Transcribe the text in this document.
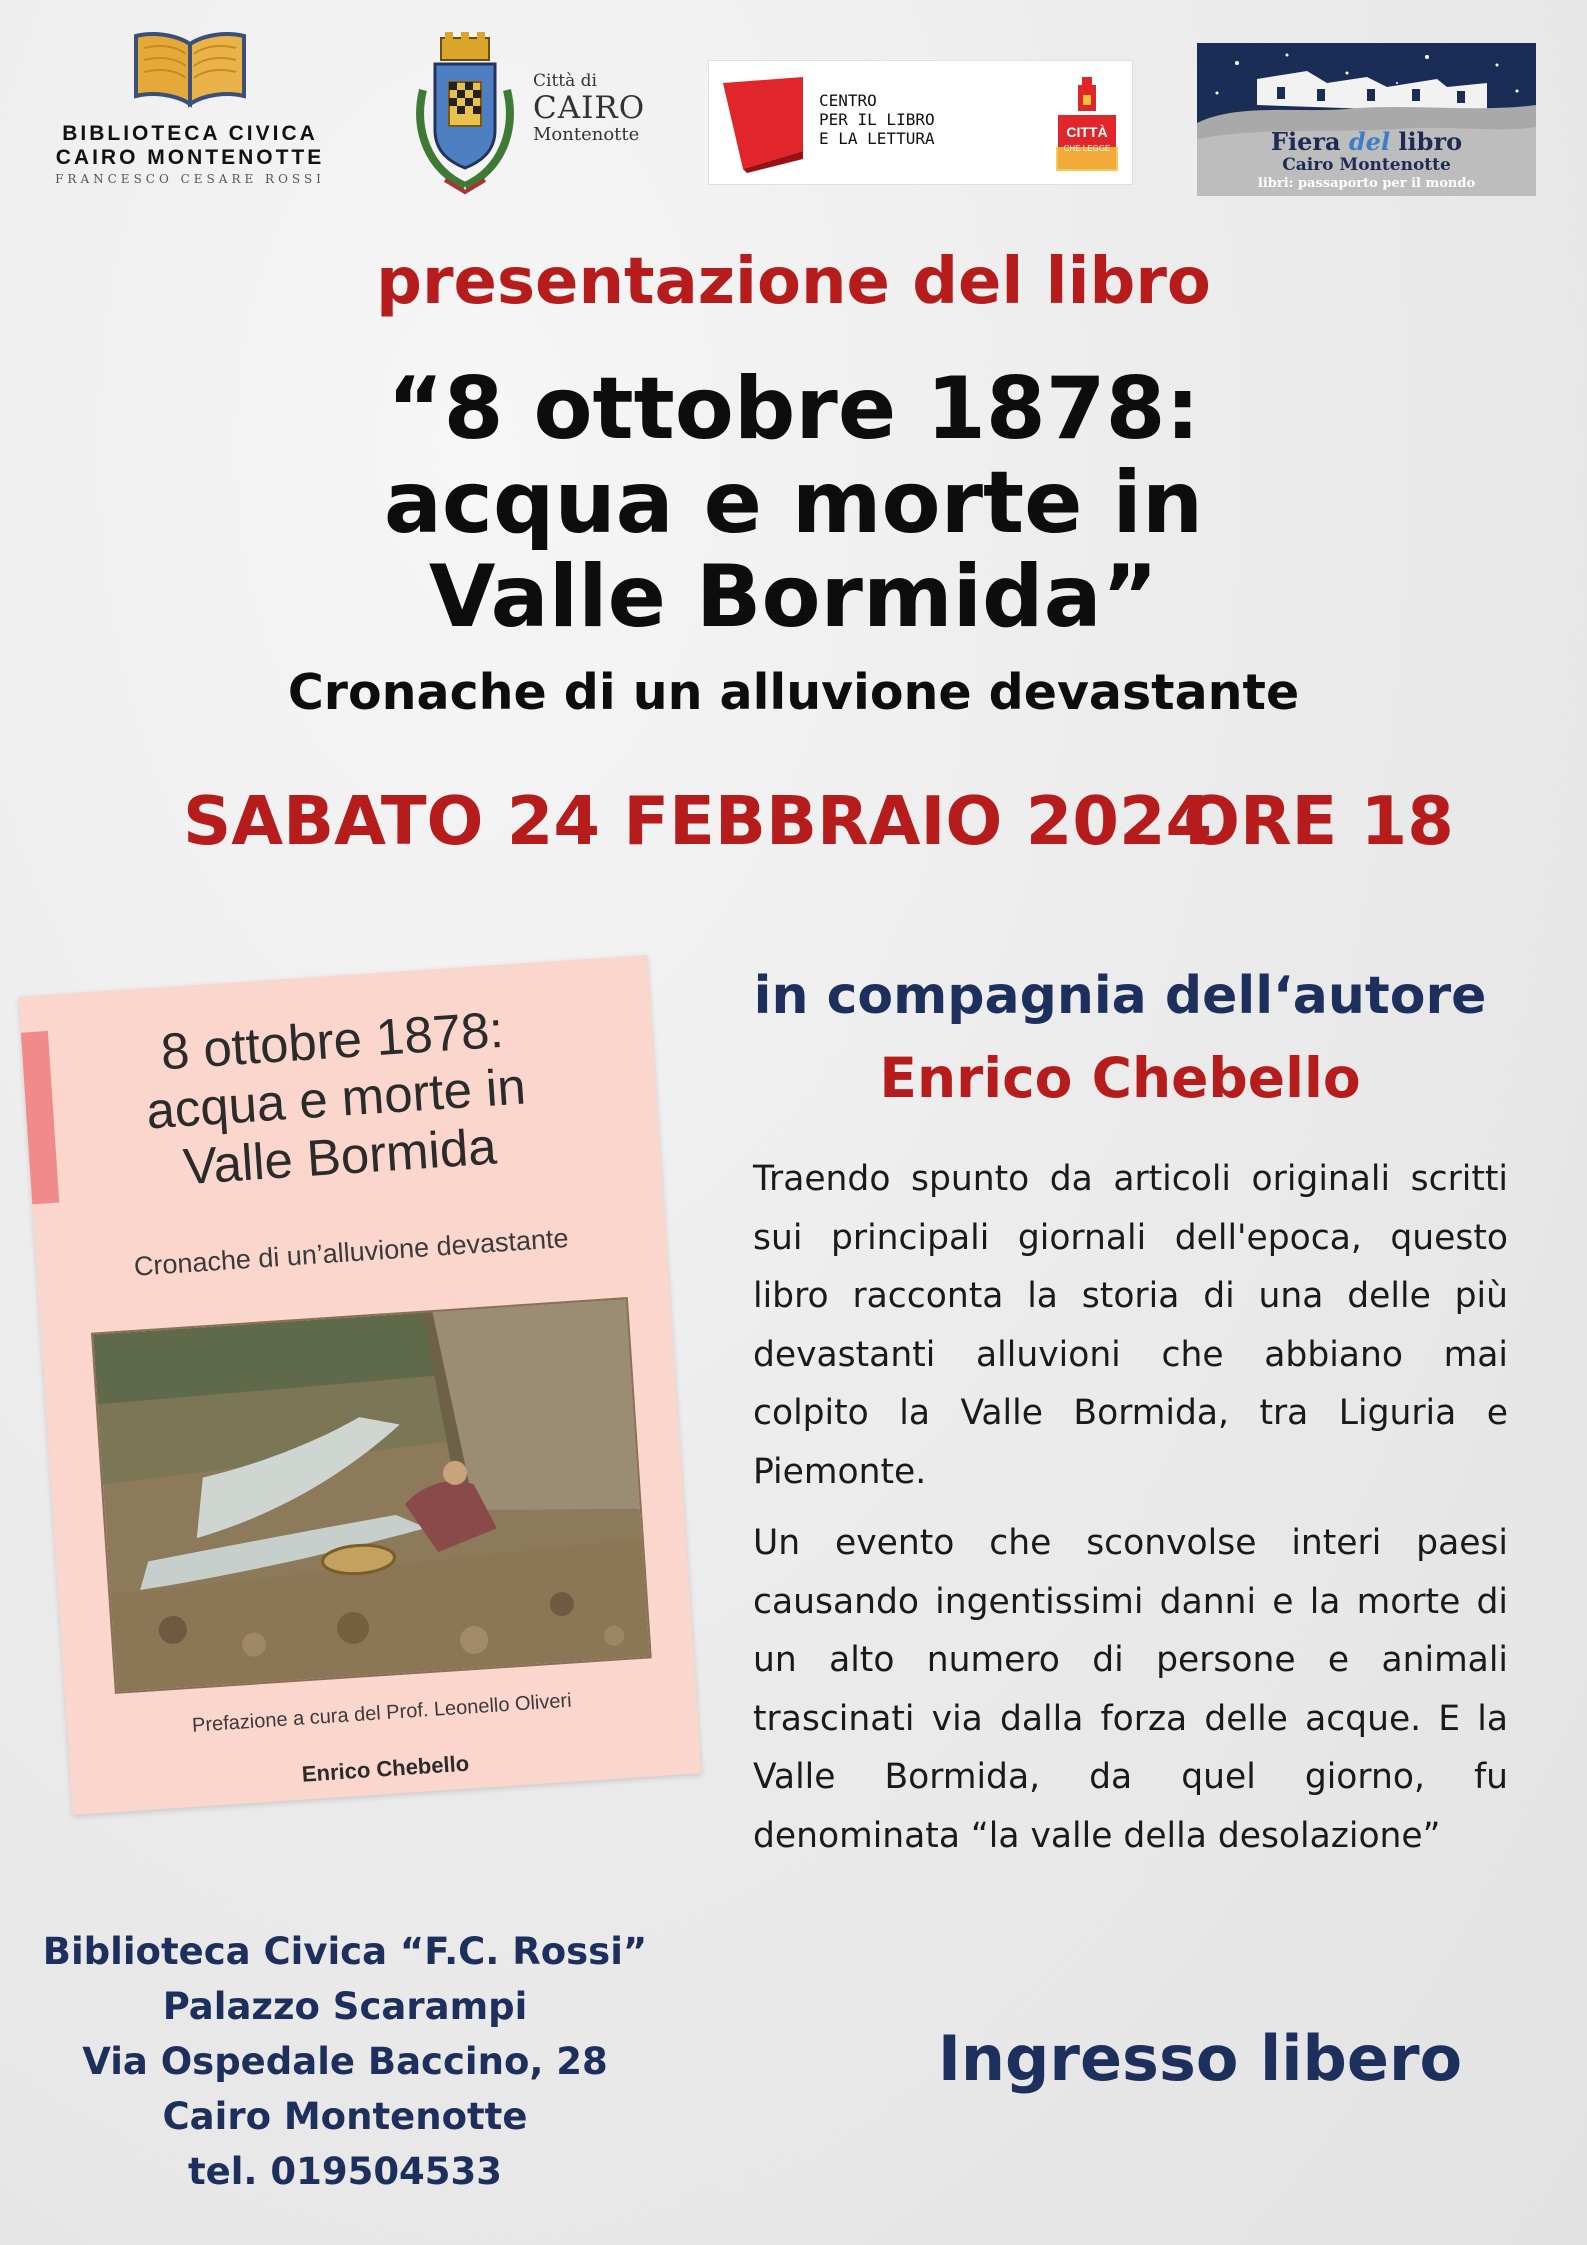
BIBLIOTECA CIVICA
CAIRO MONTENOTTE
FRANCESCO CESARE ROSSI
Città di
CAIRO
Montenotte
CENTRO
PER IL LIBRO
E LA LETTURA	CITTÀ
CHE LEGGE	Fiera del libro
Cairo Montenotte
libri: passaporto per il mondo
presentazione del libro
“8 ottobre 1878:
acqua e morte in
Valle Bormida”
Cronache di un alluvione devastante
SABATO 24 FEBBRAIO 2024
ORE 18
8 ottobre 1878:
acqua e morte in
Valle Bormida
Cronache di un’alluvione devastante
Prefazione a cura del Prof. Leonello Oliveri
Enrico Chebello
in compagnia dell‘autore
Enrico Chebello

Traendo spunto da articoli originali scritti sui principali giornali dell'epoca, questo libro racconta la storia di una delle più devastanti alluvioni che abbiano mai colpito la Valle Bormida, tra Liguria e Piemonte.

Un evento che sconvolse interi paesi causando ingentissimi danni e la morte di un alto numero di persone e animali trascinati via dalla forza delle acque. E la Valle Bormida, da quel giorno, fu denominata “la valle della desolazione”

Biblioteca Civica “F.C. Rossi”
Palazzo Scarampi
Via Ospedale Baccino, 28
Cairo Montenotte
tel. 019504533
Ingresso libero
